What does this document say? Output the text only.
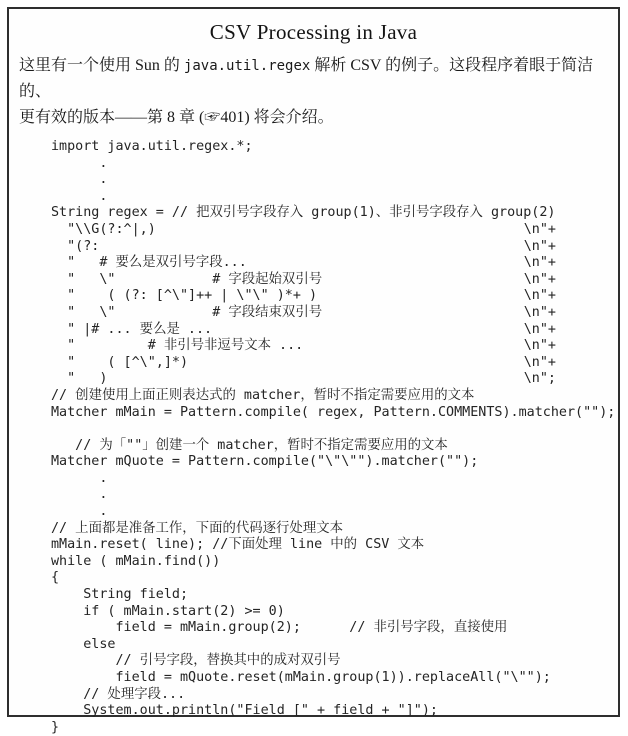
CSV Processing in Java
这里有一个使用 Sun 的 java.util.regex 解析 CSV 的例子。这段程序着眼于简洁的、
更有效的版本——第 8 章 (☞401) 将会介绍。
import java.util.regex.*;
.
.
.
String regex = // 把双引号字段存入 group(1)、非引号字段存入 group(2)
"\\G(?:^|,)	\n"+
"(?:	\n"+
"   # 要么是双引号字段...	\n"+
"   \"            # 字段起始双引号	\n"+
"    ( (?: [^\"]++ | \"\" )*+ )	\n"+
"   \"            # 字段结束双引号	\n"+
" |# ... 要么是 ...	\n"+
"         # 非引号非逗号文本 ...	\n"+
"    ( [^\",]*)	\n"+
"   )	\n";
// 创建使用上面正则表达式的 matcher，暂时不指定需要应用的文本
Matcher mMain = Pattern.compile( regex, Pattern.COMMENTS).matcher("");
// 为「""」创建一个 matcher，暂时不指定需要应用的文本
Matcher mQuote = Pattern.compile("\"\"").matcher("");
.
.
.
// 上面都是准备工作，下面的代码逐行处理文本
mMain.reset( line); //下面处理 line 中的 CSV 文本
while ( mMain.find())
{
String field;
if ( mMain.start(2) >= 0)
field = mMain.group(2);      // 非引号字段，直接使用
else
// 引号字段，替换其中的成对双引号
field = mQuote.reset(mMain.group(1)).replaceAll("\"");
// 处理字段...
System.out.println("Field [" + field + "]");
}
